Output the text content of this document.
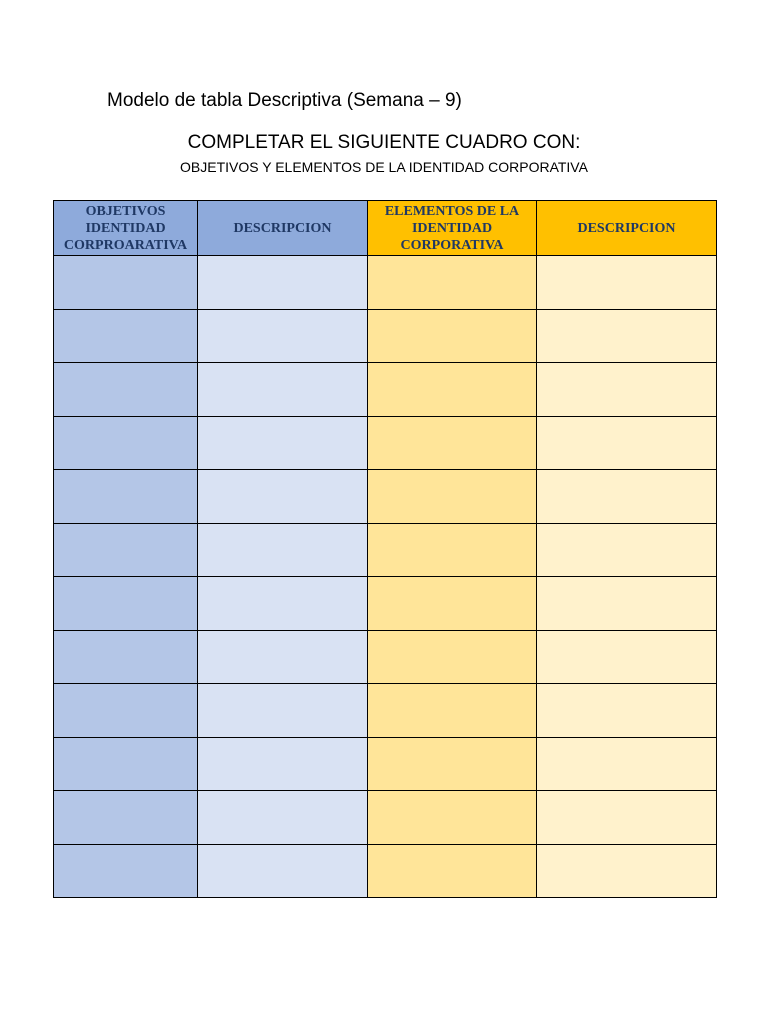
Modelo de tabla Descriptiva (Semana – 9)
COMPLETAR EL SIGUIENTE CUADRO CON:
OBJETIVOS Y ELEMENTOS DE LA IDENTIDAD CORPORATIVA
OBJETIVOS IDENTIDAD CORPROARATIVA	DESCRIPCION	ELEMENTOS DE LA IDENTIDAD CORPORATIVA	DESCRIPCION
